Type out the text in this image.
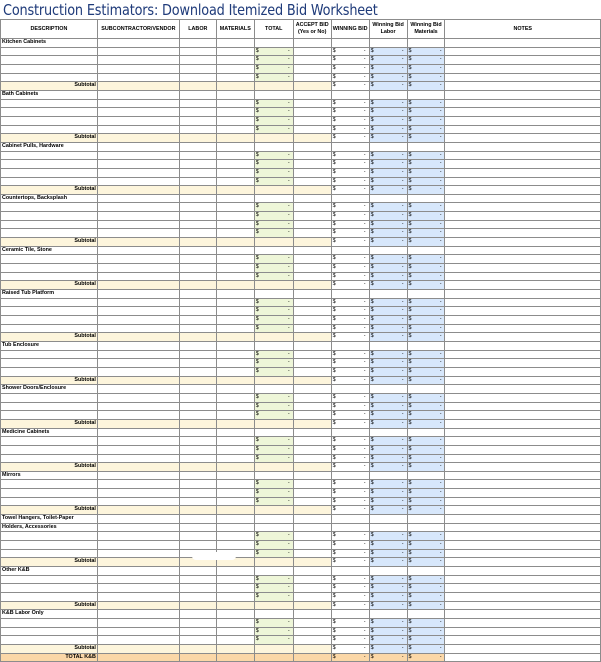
Construction Estimators: Download Itemized Bid Worksheet
DESCRIPTION	SUBCONTRACTOR/VENDOR	LABOR	MATERIALS	TOTAL	ACCEPT BID (Yes or No)	WINNING BID	Winning Bid Labor	Winning Bid Materials	NOTES
Kitchen Cabinets									

				$ -		$ -	$ -	$ -	

				$ -		$ -	$ -	$ -	

				$ -		$ -	$ -	$ -	

				$ -		$ -	$ -	$ -	

Subtotal						$ -	$ -	$ -	

Bath Cabinets									

				$ -		$ -	$ -	$ -	

				$ -		$ -	$ -	$ -	

				$ -		$ -	$ -	$ -	

				$ -		$ -	$ -	$ -	

Subtotal						$ -	$ -	$ -	

Cabinet Pulls, Hardware									

				$ -		$ -	$ -	$ -	

				$ -		$ -	$ -	$ -	

				$ -		$ -	$ -	$ -	

				$ -		$ -	$ -	$ -	

Subtotal						$ -	$ -	$ -	

Countertops, Backsplash									

				$ -		$ -	$ -	$ -	

				$ -		$ -	$ -	$ -	

				$ -		$ -	$ -	$ -	

				$ -		$ -	$ -	$ -	

Subtotal						$ -	$ -	$ -	

Ceramic Tile, Stone									

				$ -		$ -	$ -	$ -	

				$ -		$ -	$ -	$ -	

				$ -		$ -	$ -	$ -	

Subtotal						$ -	$ -	$ -	

Raised Tub Platform									

				$ -		$ -	$ -	$ -	

				$ -		$ -	$ -	$ -	

				$ -		$ -	$ -	$ -	

				$ -		$ -	$ -	$ -	

Subtotal						$ -	$ -	$ -	

Tub Enclosure									

				$ -		$ -	$ -	$ -	

				$ -		$ -	$ -	$ -	

				$ -		$ -	$ -	$ -	

Subtotal						$ -	$ -	$ -	

Shower Doors/Enclosure									

				$ -		$ -	$ -	$ -	

				$ -		$ -	$ -	$ -	

				$ -		$ -	$ -	$ -	

Subtotal						$ -	$ -	$ -	

Medicine Cabinets									

				$ -		$ -	$ -	$ -	

				$ -		$ -	$ -	$ -	

				$ -		$ -	$ -	$ -	

Subtotal						$ -	$ -	$ -	

Mirrors									

				$ -		$ -	$ -	$ -	

				$ -		$ -	$ -	$ -	

				$ -		$ -	$ -	$ -	

Subtotal						$ -	$ -	$ -	

Towel Hangers, Toilet-Paper									
Holders, Accessories									

				$ -		$ -	$ -	$ -	

				$ -		$ -	$ -	$ -	

				$ -		$ -	$ -	$ -	

Subtotal						$ -	$ -	$ -	

Other K&B									

				$ -		$ -	$ -	$ -	

				$ -		$ -	$ -	$ -	

				$ -		$ -	$ -	$ -	

Subtotal						$ -	$ -	$ -	

K&B Labor Only									

				$ -		$ -	$ -	$ -	

				$ -		$ -	$ -	$ -	

				$ -		$ -	$ -	$ -	

Subtotal						$ -	$ -	$ -	

TOTAL K&B						$ -	$ -	$ -	
